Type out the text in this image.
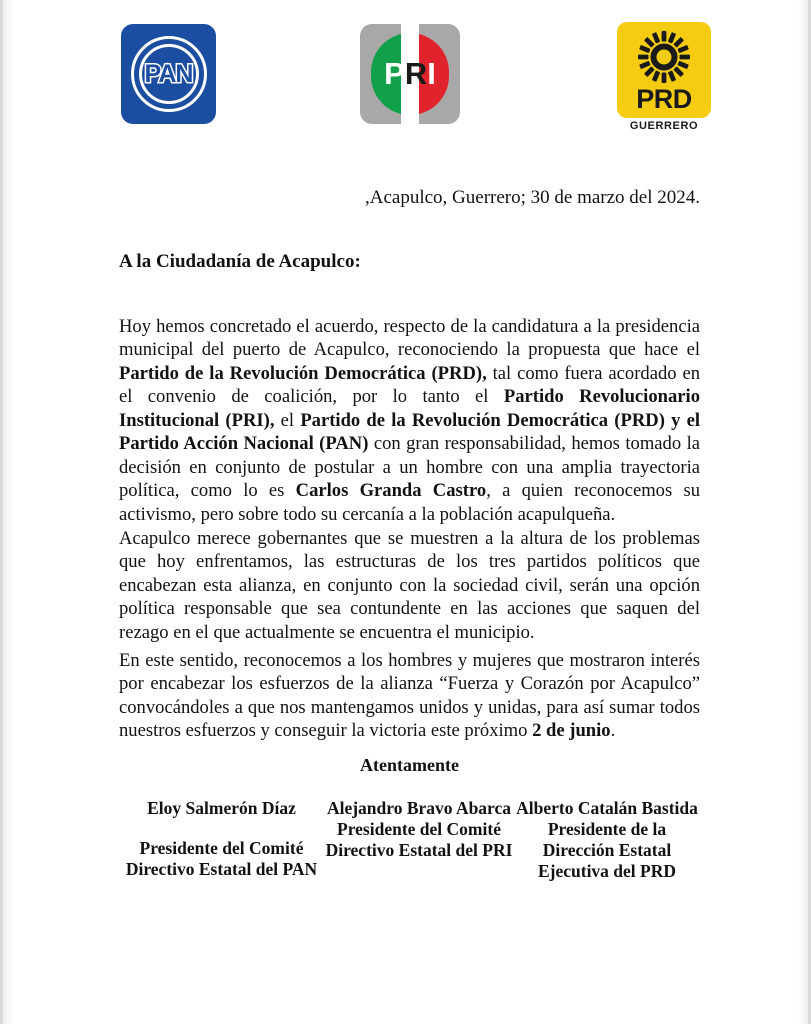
PAN	PRI
PRD
GUERRERO
,Acapulco, Guerrero; 30 de marzo del 2024.
A la Ciudadanía de Acapulco:

Hoy hemos concretado el acuerdo, respecto de la candidatura a la presidencia municipal del puerto de Acapulco, reconociendo la propuesta que hace el Partido de la Revolución Democrática (PRD), tal como fuera acordado en el convenio de coalición, por lo tanto el Partido Revolucionario Institucional (PRI), el Partido de la Revolución Democrática (PRD) y el Partido Acción Nacional (PAN) con gran responsabilidad, hemos tomado la decisión en conjunto de postular a un hombre con una amplia trayectoria política, como lo es Carlos Granda Castro, a quien reconocemos su activismo, pero sobre todo su cercanía a la población acapulqueña.

Acapulco merece gobernantes que se muestren a la altura de los problemas que hoy enfrentamos, las estructuras de los tres partidos políticos que encabezan esta alianza, en conjunto con la sociedad civil, serán una opción política responsable que sea contundente en las acciones que saquen del rezago en el que actualmente se encuentra el municipio.

En este sentido, reconocemos a los hombres y mujeres que mostraron interés por encabezar los esfuerzos de la alianza “Fuerza y Corazón por Acapulco” convocándoles a que nos mantengamos unidos y unidas, para así sumar todos nuestros esfuerzos y conseguir la victoria este próximo 2 de junio.

Atentamente
Eloy Salmerón Díaz
Presidente del Comité Directivo Estatal del PAN
Alejandro Bravo Abarca
Presidente del Comité Directivo Estatal del PRI
Alberto Catalán Bastida
Presidente de la Dirección Estatal Ejecutiva del PRD
